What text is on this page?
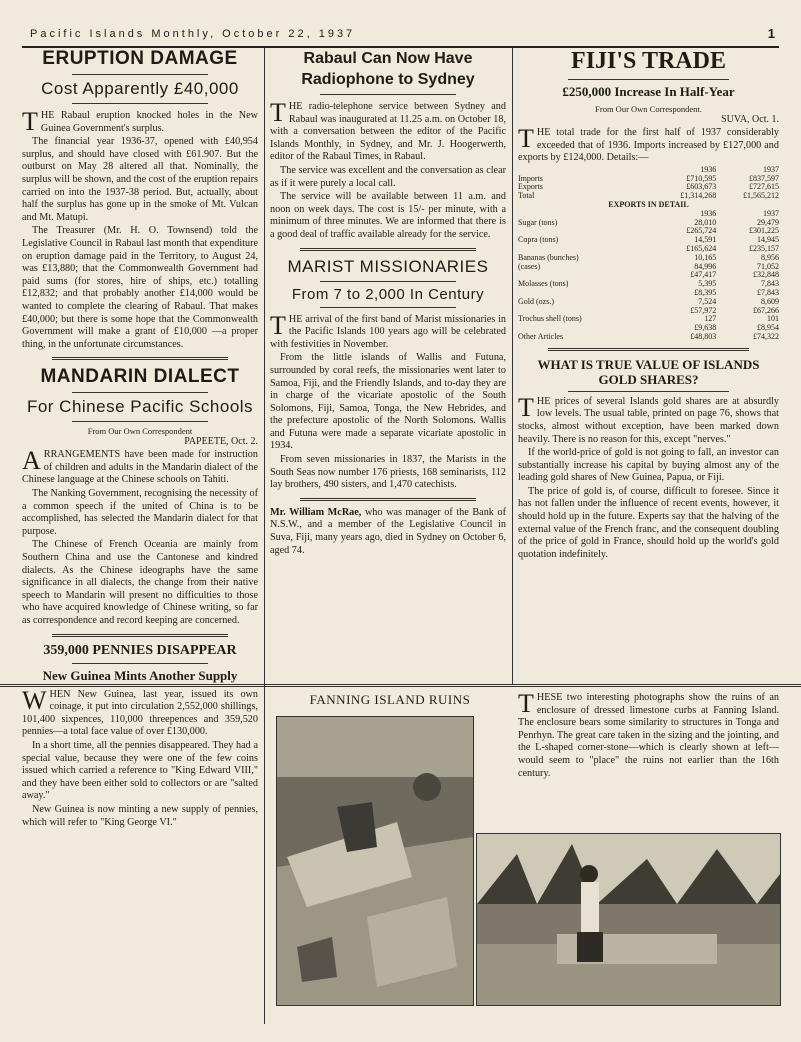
Pacific Islands Monthly, October 22, 1937	1
ERUPTION DAMAGE
Cost Apparently £40,000

THE Rabaul eruption knocked holes in the New Guinea Government's surplus.

The financial year 1936-37, opened with £40,954 surplus, and should have closed with £61.907. But the outburst on May 28 altered all that. Nominally, the surplus will be shown, and the cost of the eruption repairs carried on into the 1937-38 period. But, actually, about half the surplus has gone up in the smoke of Mt. Vulcan and Mt. Matupi.

The Treasurer (Mr. H. O. Townsend) told the Legislative Council in Rabaul last month that expenditure on eruption damage paid in the Territory, to August 24, was £13,880; that the Commonwealth Government had paid sums (for stores, hire of ships, etc.) totalling £12,832; and that probably another £14,000 would be wanted to complete the clearing of Rabaul. That makes £40,000; but there is some hope that the Commonwealth Government will make a grant of £10,000 —a proper thing, in the unfortunate circumstances.

MANDARIN DIALECT
For Chinese Pacific Schools
From Our Own Correspondent
PAPEETE, Oct. 2.

ARRANGEMENTS have been made for instruction of children and adults in the Mandarin dialect of the Chinese language at the Chinese schools on Tahiti.

The Nanking Government, recognising the necessity of a common speech if the united of China is to be accomplished, has selected the Mandarin dialect for that purpose.

The Chinese of French Oceania are mainly from Southern China and use the Cantonese and kindred dialects. As the Chinese ideographs have the same significance in all dialects, the change from their native speech to Mandarin will present no difficulties to those who have acquired knowledge of Chinese writing, so far as correspondence and record keeping are concerned.

359,000 PENNIES DISAPPEAR
New Guinea Mints Another Supply

WHEN New Guinea, last year, issued its own coinage, it put into circulation 2,552,000 shillings, 101,400 sixpences, 110,000 threepences and 359,520 pennies—a total face value of over £130,000.

In a short time, all the pennies disappeared. They had a special value, because they were one of the few coins issued which carried a reference to "King Edward VIII," and they have been either sold to collectors or are "salted away."

New Guinea is now minting a new supply of pennies, which will refer to "King George VI."

Rabaul Can Now Have Radiophone to Sydney

THE radio-telephone service between Sydney and Rabaul was inaugurated at 11.25 a.m. on October 18, with a conversation between the editor of the Pacific Islands Monthly, in Sydney, and Mr. J. Hoogerwerth, editor of the Rabaul Times, in Rabaul.

The service was excellent and the conversation as clear as if it were purely a local call.

The service will be available between 11 a.m. and noon on week days. The cost is 15/- per minute, with a minimum of three minutes. We are informed that there is a good deal of traffic available already for the service.

MARIST MISSIONARIES
From 7 to 2,000 In Century

THE arrival of the first band of Marist missionaries in the Pacific Islands 100 years ago will be celebrated with festivities in November.

From the little islands of Wallis and Futuna, surrounded by coral reefs, the missionaries went later to Samoa, Fiji, and the Friendly Islands, and to-day they are in charge of the vicariate apostolic of the South Solomons, Fiji, Samoa, Tonga, the New Hebrides, and the prefecture apostolic of the North Solomons. Wallis and Futuna were made a separate vicariate apostolic in 1934.

From seven missionaries in 1837, the Marists in the South Seas now number 176 priests, 168 seminarists, 112 lay brothers, 490 sisters, and 1,470 catechists.

Mr. William McRae, who was manager of the Bank of N.S.W., and a member of the Legislative Council in Suva, Fiji, many years ago, died in Sydney on October 6, aged 74.

FIJI'S TRADE
£250,000 Increase In Half-Year
From Our Own Correspondent.
SUVA, Oct. 1.

THE total trade for the first half of 1937 considerably exceeded that of 1936. Imports increased by £127,000 and exports by £124,000. Details:—

	1936	1937
Imports	£710,595	£837,597
Exports	£603,673	£727,615
Total	£1,314,268	£1,565,212
EXPORTS IN DETAIL		
	1936	1937
Sugar (tons)	28,010	29,479
	£265,724	£301,225
Copra (tons)	14,591	14,945
	£165,624	£235,157
Bananas (bunches)	10,165	8,956
(cases)	84,996	71,052
	£47,417	£32,848
Molasses (tons)	5,395	7,843
	£8,395	£7,843
Gold (ozs.)	7,524	8,609
	£57,972	£67,266
Trochus shell (tons)	127	101
	£9,638	£8,954
Other Articles	£48,803	£74,322
WHAT IS TRUE VALUE OF ISLANDS GOLD SHARES?

THE prices of several Islands gold shares are at absurdly low levels. The usual table, printed on page 76, shows that stocks, almost without exception, have been marked down heavily. There is no reason for this, except "nerves."

If the world-price of gold is not going to fall, an investor can substantially increase his capital by buying almost any of the leading gold shares of New Guinea, Papua, or Fiji.

The price of gold is, of course, difficult to foresee. Since it has not fallen under the influence of recent events, however, it should hold up in the future. Experts say that the halving of the external value of the French franc, and the consequent doubling of the price of gold in France, should hold up the world's gold quotation indefinitely.

FANNING ISLAND RUINS	THESE two interesting photographs show the ruins of an enclosure of dressed limestone curbs at Fanning Island. The enclosure bears some similarity to structures in Tonga and Penrhyn. The great care taken in the sizing and the jointing, and the L-shaped corner-stone—which is clearly shown at left—would seem to "place" the ruins not earlier than the 16th century.
